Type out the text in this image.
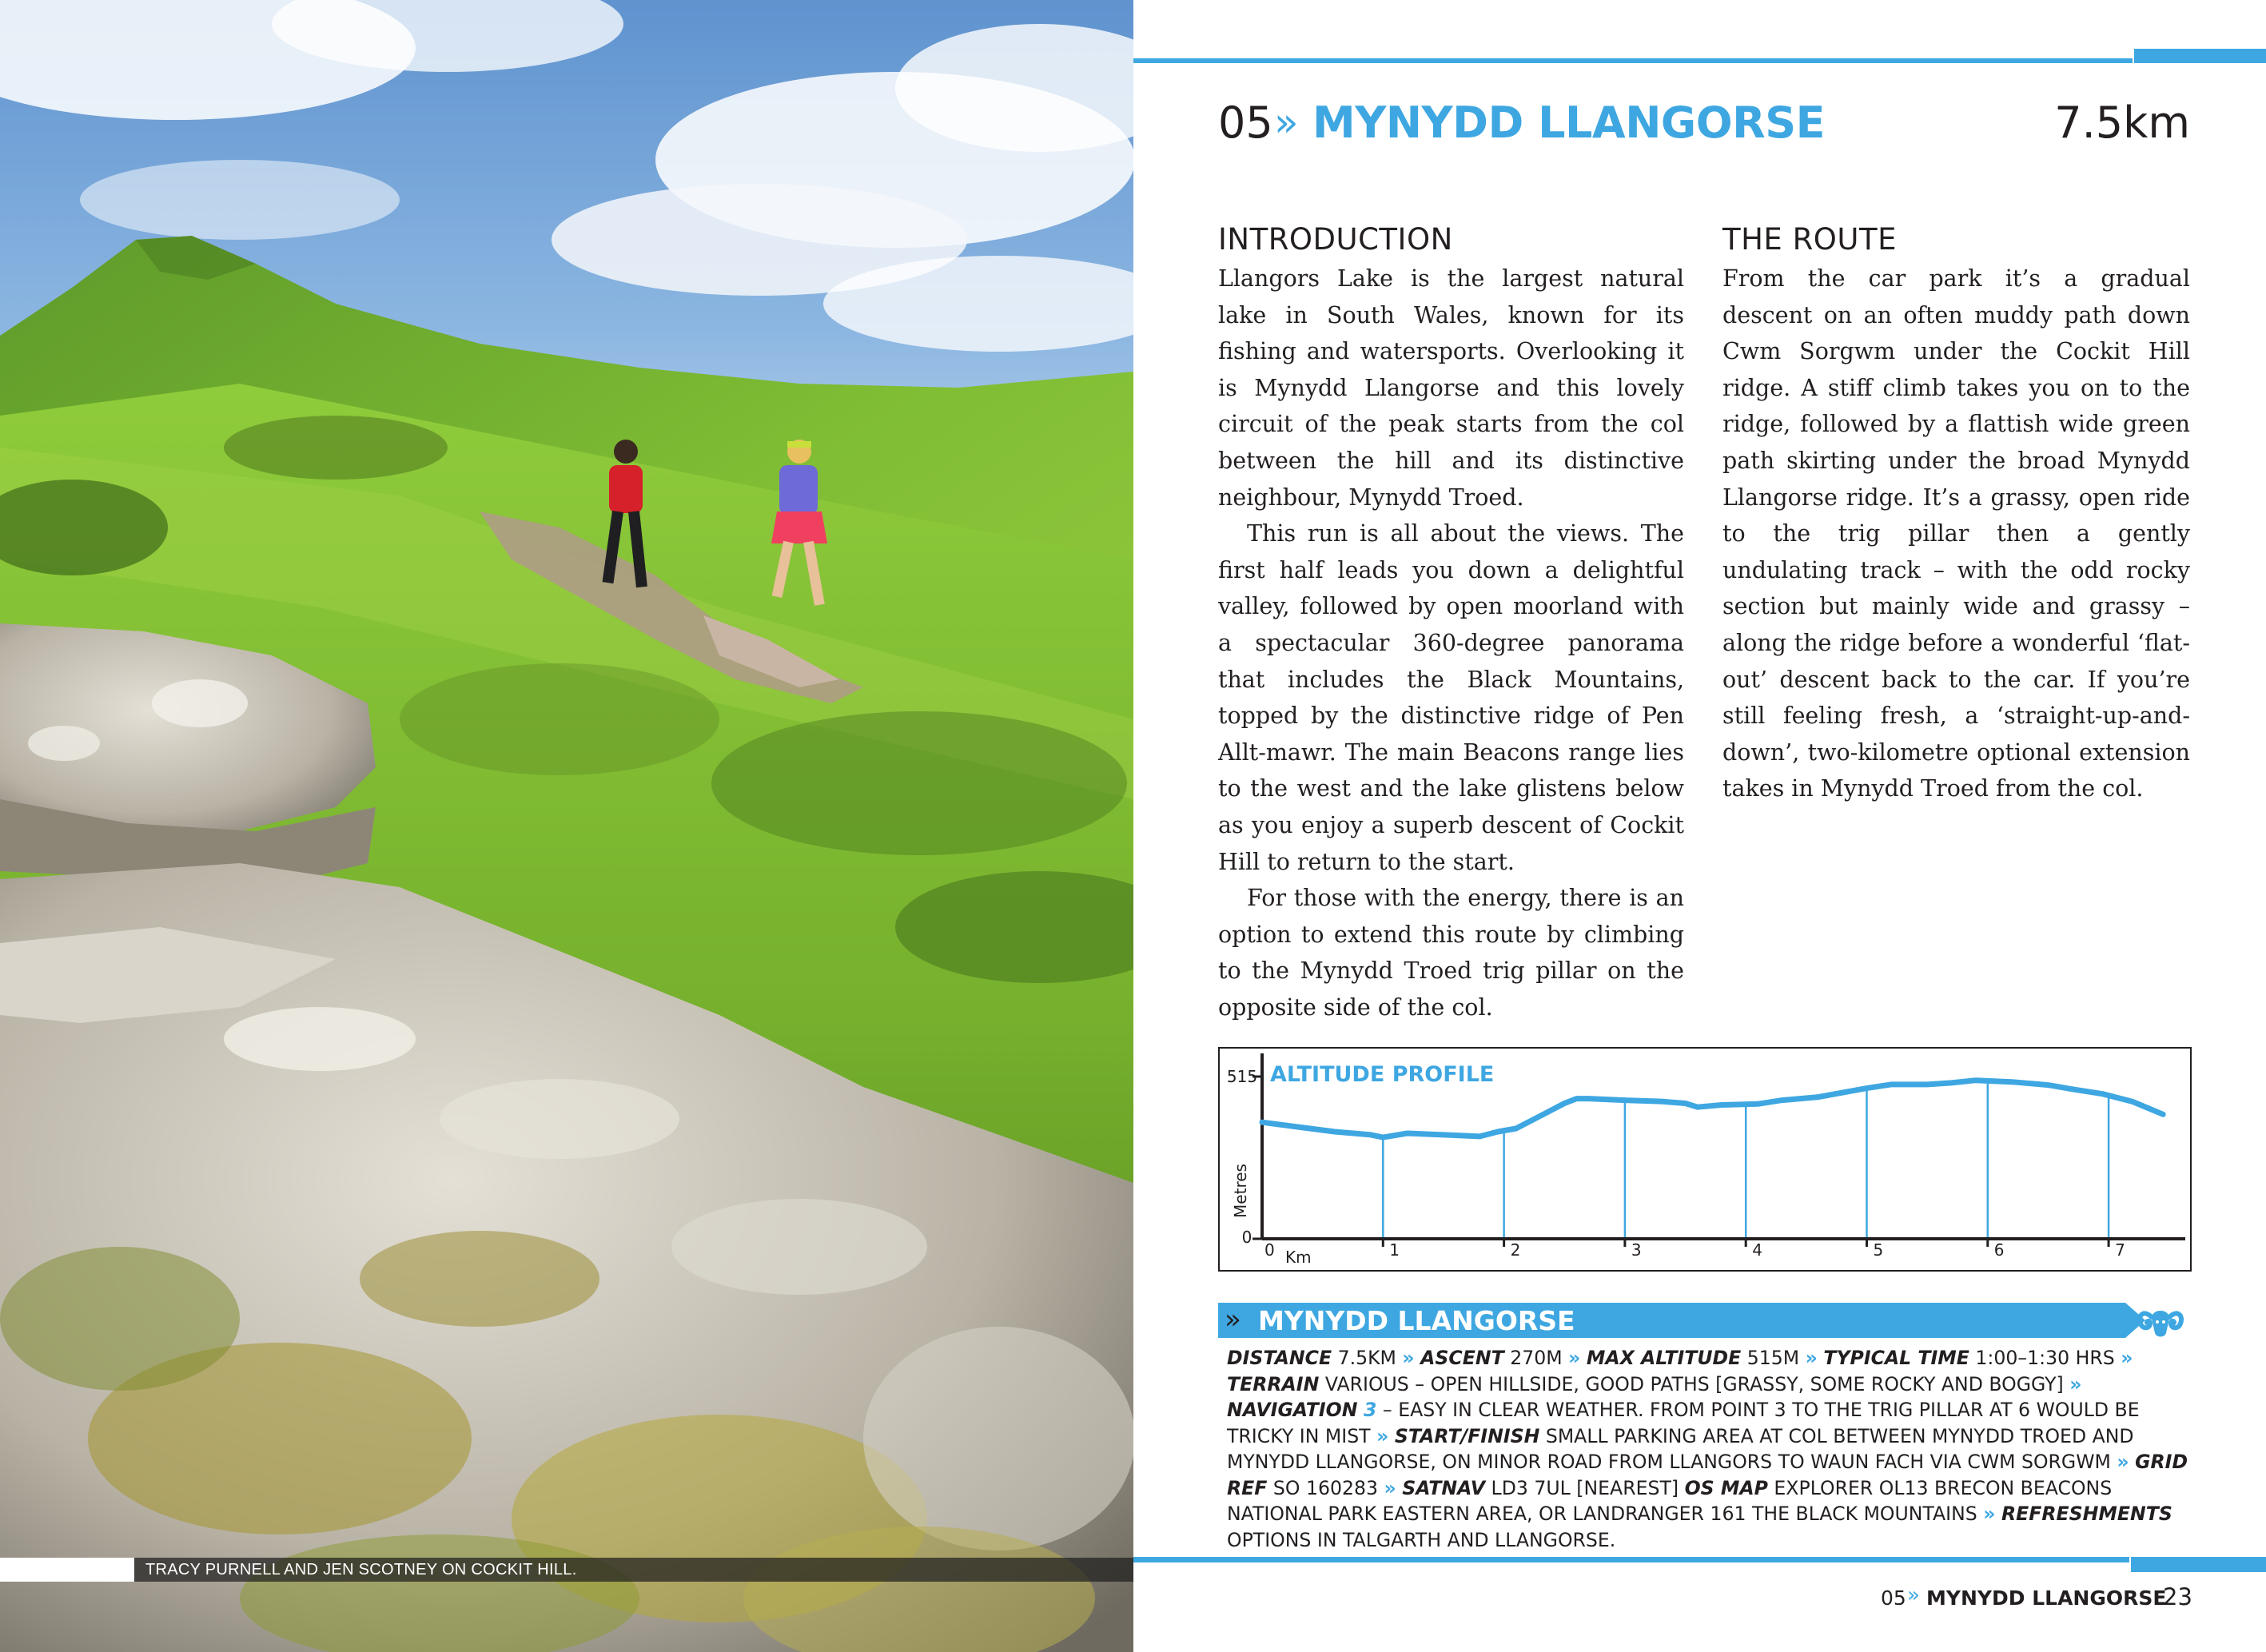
TRACY PURNELL AND JEN SCOTNEY ON COCKIT HILL.
05 » MYNYDD LLANGORSE	7.5km
INTRODUCTION

Llangors Lake is the largest natural lake in South Wales, known for its fishing and watersports. Overlooking it is Mynydd Llangorse and this lovely circuit of the peak starts from the col between the hill and its distinctive neighbour, Mynydd Troed.

This run is all about the views. The first half leads you down a delightful valley, followed by open moorland with a spectacular 360-degree panorama that includes the Black Mountains, topped by the distinctive ridge of Pen Allt-mawr. The main Beacons range lies to the west and the lake glistens below as you enjoy a superb descent of Cockit Hill to return to the start.

For those with the energy, there is an option to extend this route by climbing to the Mynydd Troed trig pillar on the opposite side of the col.

THE ROUTE

From the car park it’s a gradual descent on an often muddy path down Cwm Sorgwm under the Cockit Hill ridge. A stiff climb takes you on to the ridge, followed by a flattish wide green path skirting under the broad Mynydd Llangorse ridge. It’s a grassy, open ride to the trig pillar then a gently undulating track – with the odd rocky section but mainly wide and grassy – along the ridge before a wonderful ‘flat-out’ descent back to the car. If you’re still feeling fresh, a ‘straight-up-and-down’, two-kilometre optional extension takes in Mynydd Troed from the col.

ALTITUDE PROFILE
515
0
Metres
Km
0	1	2	3	4	5	6	7
» MYNYDD LLANGORSE
DISTANCE 7.5KM » ASCENT 270M » MAX ALTITUDE 515M » TYPICAL TIME 1:00–1:30 HRS » TERRAIN VARIOUS – OPEN HILLSIDE, GOOD PATHS [GRASSY, SOME ROCKY AND BOGGY] » NAVIGATION 3 – EASY IN CLEAR WEATHER. FROM POINT 3 TO THE TRIG PILLAR AT 6 WOULD BE TRICKY IN MIST » START/FINISH SMALL PARKING AREA AT COL BETWEEN MYNYDD TROED AND MYNYDD LLANGORSE, ON MINOR ROAD FROM LLANGORS TO WAUN FACH VIA CWM SORGWM » GRID REF SO 160283 » SATNAV LD3 7UL [NEAREST] OS MAP EXPLORER OL13 BRECON BEACONS NATIONAL PARK EASTERN AREA, OR LANDRANGER 161 THE BLACK MOUNTAINS » REFRESHMENTS OPTIONS IN TALGARTH AND LLANGORSE.
05 » MYNYDD LLANGORSE
23
